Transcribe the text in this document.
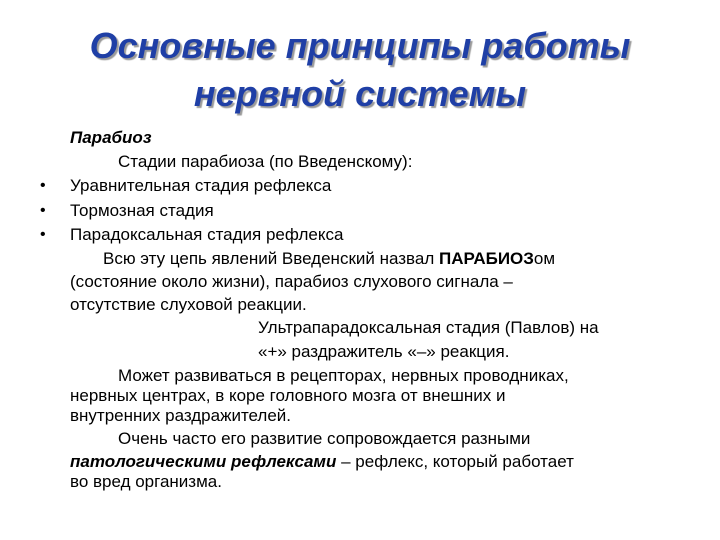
Основные принципы работы
нервной системы
Парабиоз
Стадии парабиоза (по Введенскому):
• Уравнительная стадия рефлекса
• Тормозная стадия
• Парадоксальная стадия рефлекса
Всю эту цепь явлений Введенский назвал ПАРАБИОЗом
(состояние около жизни), парабиоз слухового сигнала –
отсутствие слуховой реакции.
Ультрапарадоксальная стадия (Павлов) на
«+» раздражитель «–» реакция.
Может развиваться в рецепторах, нервных проводниках,
нервных центрах, в коре головного мозга от внешних и
внутренних раздражителей.
Очень часто его развитие сопровождается разными
патологическими рефлексами – рефлекс, который работает
во вред организма.
